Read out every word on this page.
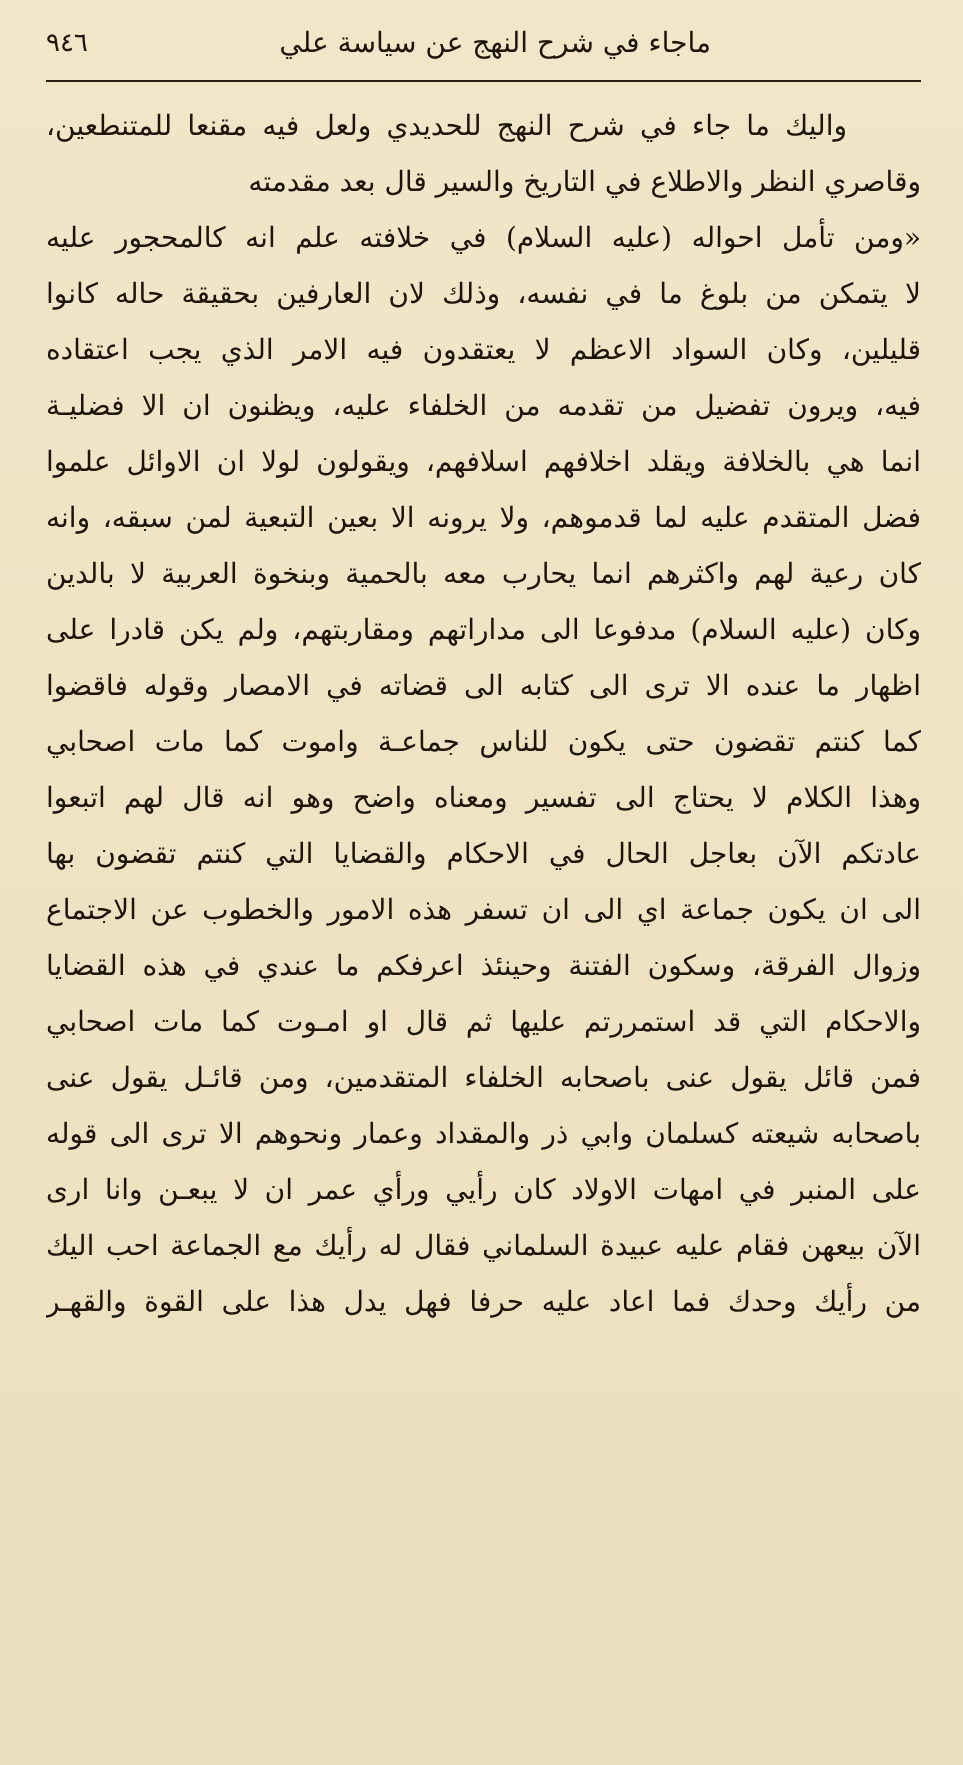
ماجاء في شرح النهج عن سياسة علي
٩٤٦
واليك ما جاء في شرح النهج للحديدي ولعل فيه مقنعا للمتنطعين،
وقاصري النظر والاطلاع في التاريخ والسير قال بعد مقدمته
«ومن تأمل احواله (عليه السلام) في خلافته علم انه كالمحجور عليه
لا يتمكن من بلوغ ما في نفسه، وذلك لان العارفين بحقيقة حاله كانوا
قليلين، وكان السواد الاعظم لا يعتقدون فيه الامر الذي يجب اعتقاده
فيه، ويرون تفضيل من تقدمه من الخلفاء عليه، ويظنون ان الا فضليـة
انما هي بالخلافة ويقلد اخلافهم اسلافهم، ويقولون لولا ان الاوائل علموا
فضل المتقدم عليه لما قدموهم، ولا يرونه الا بعين التبعية لمن سبقه، وانه
كان رعية لهم واكثرهم انما يحارب معه بالحمية وبنخوة العربية لا بالدين
وكان (عليه السلام) مدفوعا الى مداراتهم ومقاربتهم، ولم يكن قادرا على
اظهار ما عنده الا ترى الى كتابه الى قضاته في الامصار وقوله فاقضوا
كما كنتم تقضون حتى يكون للناس جماعـة واموت كما مات اصحابي
وهذا الكلام لا يحتاج الى تفسير ومعناه واضح وهو انه قال لهم اتبعوا
عادتكم الآن بعاجل الحال في الاحكام والقضايا التي كنتم تقضون بها
الى ان يكون جماعة اي الى ان تسفر هذه الامور والخطوب عن الاجتماع
وزوال الفرقة، وسكون الفتنة وحينئذ اعرفكم ما عندي في هذه القضايا
والاحكام التي قد استمررتم عليها ثم قال او امـوت كما مات اصحابي
فمن قائل يقول عنى باصحابه الخلفاء المتقدمين، ومن قائـل يقول عنى
باصحابه شيعته كسلمان وابي ذر والمقداد وعمار ونحوهم الا ترى الى قوله
على المنبر في امهات الاولاد كان رأيي ورأي عمر ان لا يبعـن وانا ارى
الآن بيعهن فقام عليه عبيدة السلماني فقال له رأيك مع الجماعة احب اليك
من رأيك وحدك فما اعاد عليه حرفا فهل يدل هذا على القوة والقهـر
